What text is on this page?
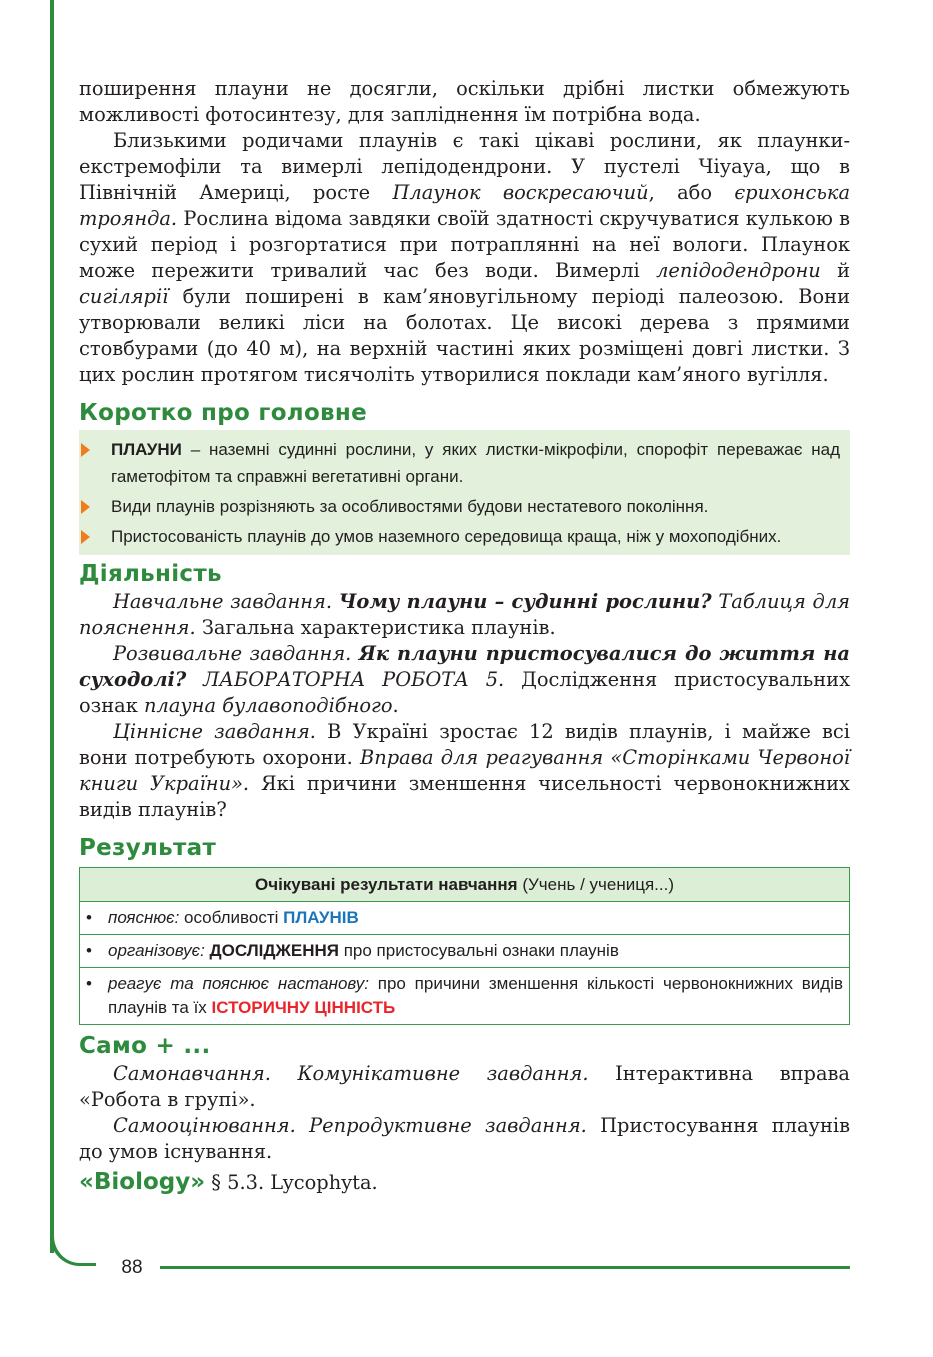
88

поширення плауни не досягли, оскільки дрібні листки обмежують можливості фотосинтезу, для запліднення їм потрібна вода.

Близькими родичами плаунів є такі цікаві рослини, як плаунки-екстремофіли та вимерлі лепідодендрони. У пустелі Чіуауа, що в Північній Америці, росте Плаунок воскресаючий, або єрихонська троянда. Рослина відома завдяки своїй здатності скручуватися кулькою в сухий період і розгортатися при потраплянні на неї вологи. Плаунок може пережити тривалий час без води. Вимерлі лепідодендрони й сигілярії були поширені в кам’яновугільному періоді палеозою. Вони утворювали великі ліси на болотах. Це високі дерева з прямими стовбурами (до 40 м), на верхній частині яких розміщені довгі листки. З цих рослин протягом тисячоліть утворилися поклади кам’яного вугілля.

Коротко про головне
ПЛАУНИ – наземні судинні рослини, у яких листки-мікрофіли, спорофіт переважає над гаметофітом та справжні вегетативні органи.
Види плаунів розрізняють за особливостями будови нестатевого покоління.
Пристосованість плаунів до умов наземного середовища краща, ніж у мохоподібних.
Діяльність

Навчальне завдання. Чому плауни – судинні рослини? Таблиця для пояснення. Загальна характеристика плаунів.

Розвивальне завдання. Як плауни пристосувалися до життя на суходолі? ЛАБОРАТОРНА РОБОТА 5. Дослідження пристосувальних ознак плауна булавоподібного.

Ціннісне завдання. В Україні зростає 12 видів плаунів, і майже всі вони потребують охорони. Вправа для реагування «Сторінками Червоної книги України». Які причини зменшення чисельності червонокнижних видів плаунів?

Результат
Очікувані результати навчання (Учень / учениця...)

• пояснює: особливості ПЛАУНІВ

• організовує: ДОСЛІДЖЕННЯ про пристосувальні ознаки плаунів

• реагує та пояснює настанову: про причини зменшення кількості червонокнижних видів плаунів та їх ІСТОРИЧНУ ЦІННІСТЬ
Само + ...

Самонавчання. Комунікативне завдання. Інтерактивна вправа «Робота в групі».

Самооцінювання. Репродуктивне завдання. Пристосування плаунів до умов існування.

«Biology» § 5.3. Lycophyta.
